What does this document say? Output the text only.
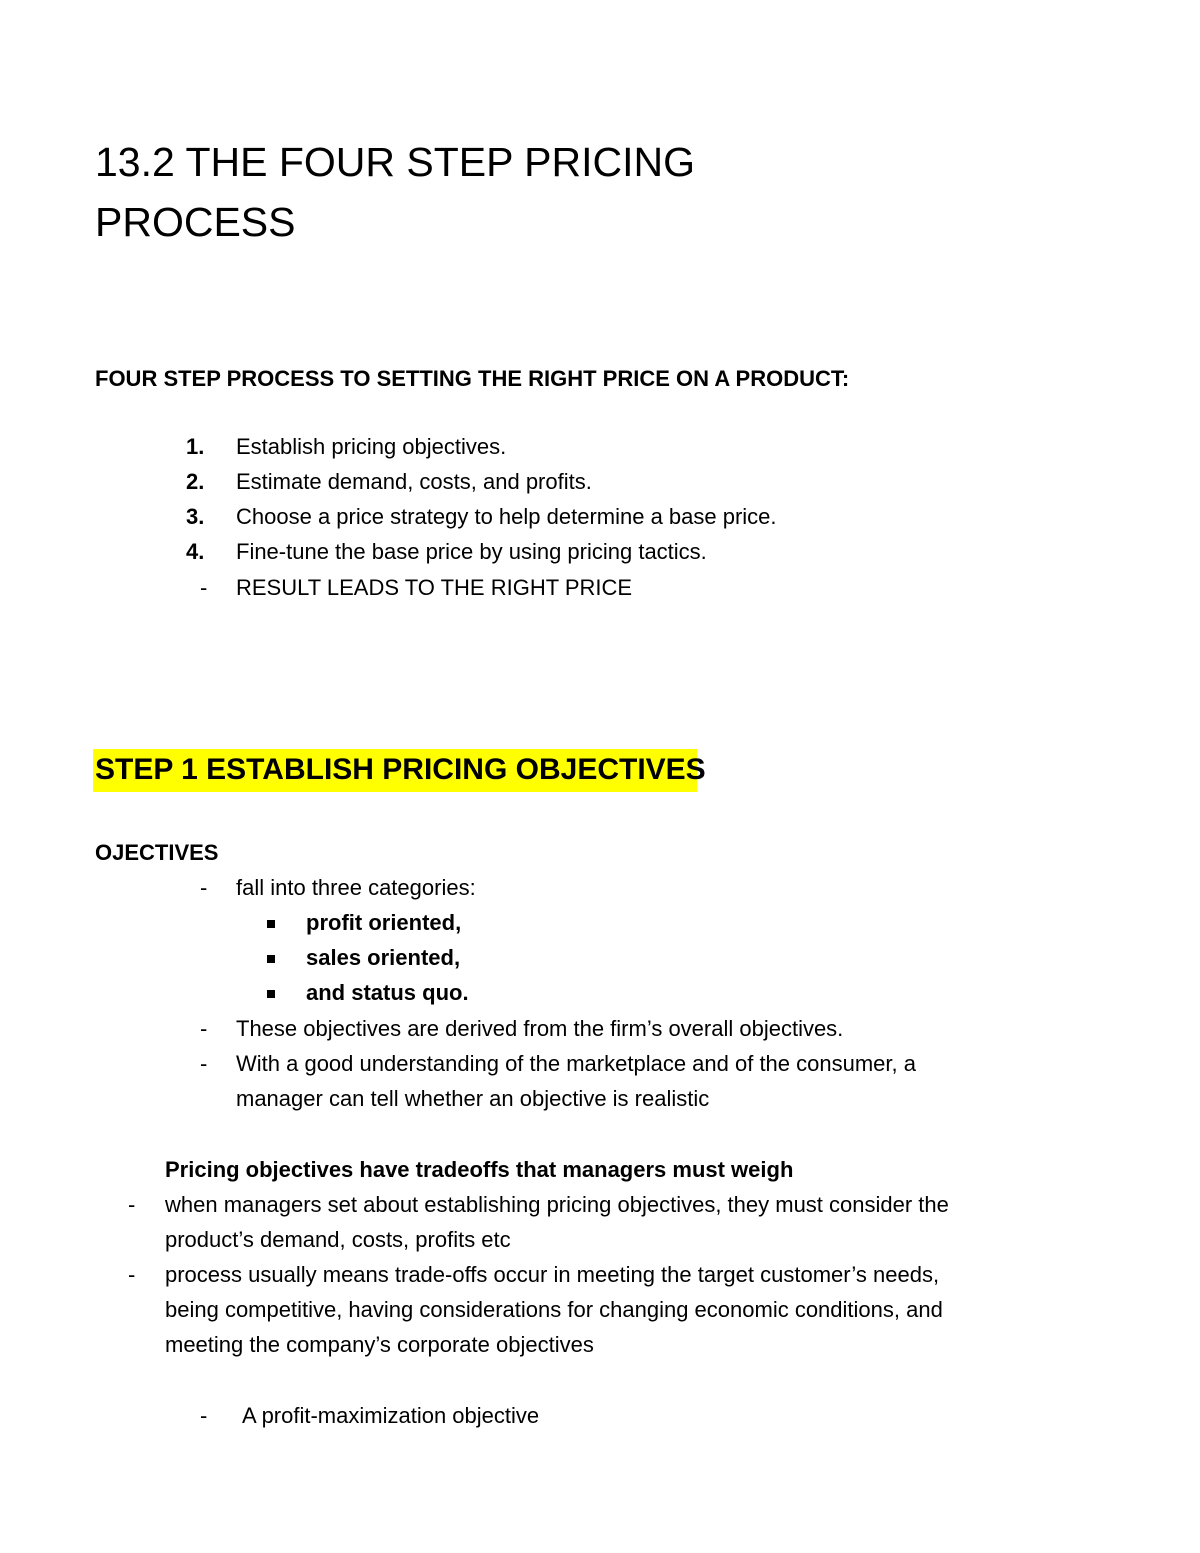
13.2 THE FOUR STEP PRICING
PROCESS
FOUR STEP PROCESS TO SETTING THE RIGHT PRICE ON A PRODUCT:
1. Establish pricing objectives.
2. Estimate demand, costs, and profits.
3. Choose a price strategy to help determine a base price.
4. Fine-tune the base price by using pricing tactics.
- RESULT LEADS TO THE RIGHT PRICE
STEP 1 ESTABLISH PRICING OBJECTIVES
OJECTIVES
- fall into three categories:
profit oriented,
sales oriented,
and status quo.
- These objectives are derived from the firm’s overall objectives.
- With a good understanding of the marketplace and of the consumer, a
manager can tell whether an objective is realistic
Pricing objectives have tradeoffs that managers must weigh
- when managers set about establishing pricing objectives, they must consider the
product’s demand, costs, profits etc
- process usually means trade-offs occur in meeting the target customer’s needs,
being competitive, having considerations for changing economic conditions, and
meeting the company’s corporate objectives
- A profit-maximization objective
